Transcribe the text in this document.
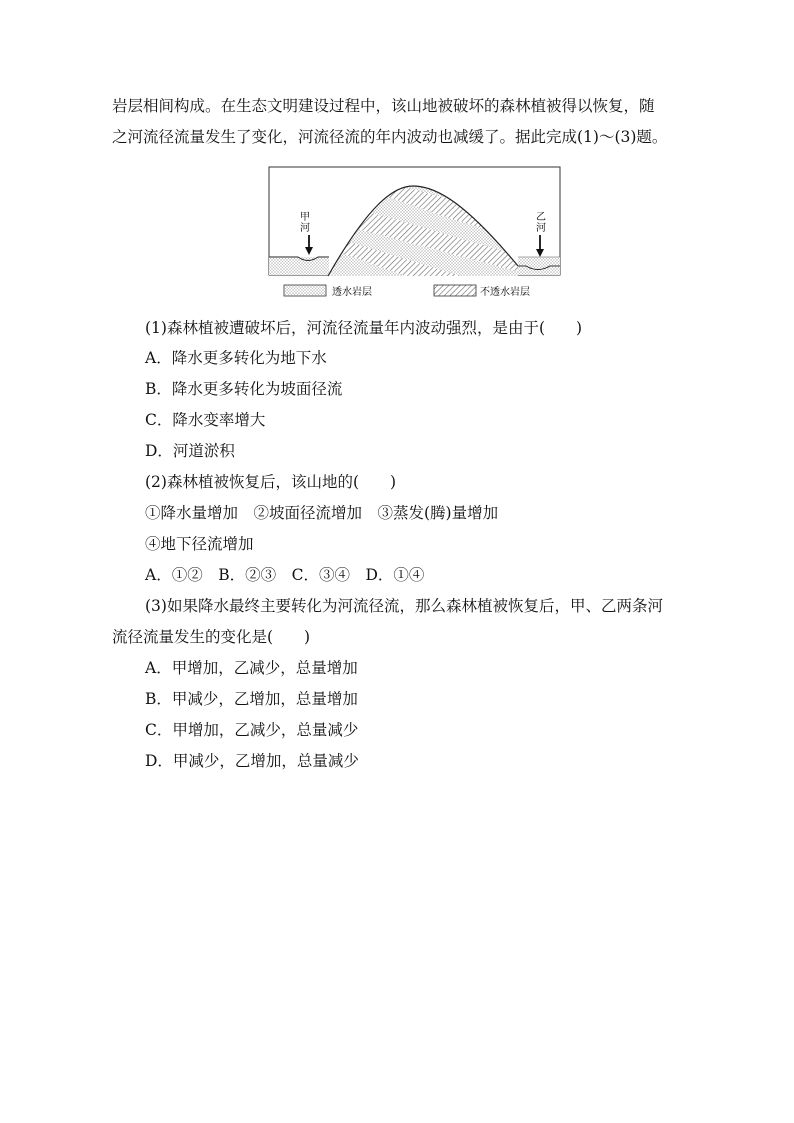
岩层相间构成。在生态文明建设过程中，该山地被破坏的森林植被得以恢复，随
之河流径流量发生了变化，河流径流的年内波动也减缓了。据此完成(1)～(3)题。
甲
河
乙
河
透水岩层	不透水岩层
(1)森林植被遭破坏后，河流径流量年内波动强烈，是由于(　　)
A．降水更多转化为地下水
B．降水更多转化为坡面径流
C．降水变率增大
D．河道淤积
(2)森林植被恢复后，该山地的(　　)
①降水量增加　②坡面径流增加　③蒸发(腾)量增加
④地下径流增加
A．①②　B．②③　C．③④　D．①④
(3)如果降水最终主要转化为河流径流，那么森林植被恢复后，甲、乙两条河
流径流量发生的变化是(　　)
A．甲增加，乙减少，总量增加
B．甲减少，乙增加，总量增加
C．甲增加，乙减少，总量减少
D．甲减少，乙增加，总量减少
